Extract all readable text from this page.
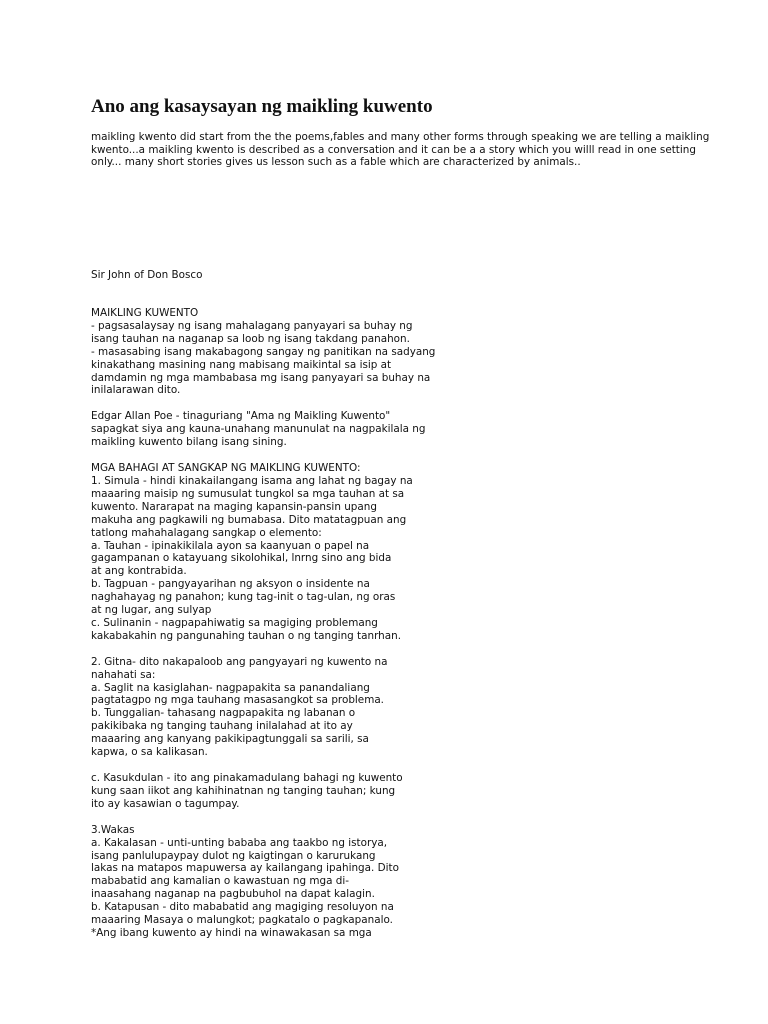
Ano ang kasaysayan ng maikling kuwento
maikling kwento did start from the the poems,fables and many other forms through speaking we are telling a maikling kwento...a maikling kwento is described as a conversation and it can be a a story which you willl read in one setting only... many short stories gives us lesson such as a fable which are characterized by animals..
Sir John of Don Bosco

MAIKLING KUWENTO
- pagsasalaysay ng isang mahalagang panyayari sa buhay ng
isang tauhan na naganap sa loob ng isang takdang panahon.
- masasabing isang makabagong sangay ng panitikan na sadyang
kinakathang masining nang mabisang maikintal sa isip at
damdamin ng mga mambabasa mg isang panyayari sa buhay na
inilalarawan dito.

Edgar Allan Poe - tinaguriang "Ama ng Maikling Kuwento"
sapagkat siya ang kauna-unahang manunulat na nagpakilala ng
maikling kuwento bilang isang sining.

MGA BAHAGI AT SANGKAP NG MAIKLING KUWENTO:
1. Simula - hindi kinakailangang isama ang lahat ng bagay na
maaaring maisip ng sumusulat tungkol sa mga tauhan at sa
kuwento. Nararapat na maging kapansin-pansin upang
makuha ang pagkawili ng bumabasa. Dito matatagpuan ang
tatlong mahahalagang sangkap o elemento:
a. Tauhan - ipinakikilala ayon sa kaanyuan o papel na
gagampanan o katayuang sikolohikal, lnrng sino ang bida
at ang kontrabida.
b. Tagpuan - pangyayarihan ng aksyon o insidente na
naghahayag ng panahon; kung tag-init o tag-ulan, ng oras
at ng lugar, ang sulyap
c. Sulinanin - nagpapahiwatig sa magiging problemang
kakabakahin ng pangunahing tauhan o ng tanging tanrhan.

2. Gitna- dito nakapaloob ang pangyayari ng kuwento na
nahahati sa:
a. Saglit na kasiglahan- nagpapakita sa panandaliang
pagtatagpo ng mga tauhang masasangkot sa problema.
b. Tunggalian- tahasang nagpapakita ng labanan o
pakikibaka ng tanging tauhang inilalahad at ito ay
maaaring ang kanyang pakikipagtunggali sa sarili, sa
kapwa, o sa kalikasan.

c. Kasukdulan - ito ang pinakamadulang bahagi ng kuwento
kung saan iikot ang kahihinatnan ng tanging tauhan; kung
ito ay kasawian o tagumpay.

3.Wakas
a. Kakalasan - unti-unting bababa ang taakbo ng istorya,
isang panlulupaypay dulot ng kaigtingan o karurukang
lakas na matapos mapuwersa ay kailangang ipahinga. Dito
mababatid ang kamalian o kawastuan ng mga di-
inaasahang naganap na pagbubuhol na dapat kalagin.
b. Katapusan - dito mababatid ang magiging resoluyon na
maaaring Masaya o malungkot; pagkatalo o pagkapanalo.
*Ang ibang kuwento ay hindi na winawakasan sa mga
